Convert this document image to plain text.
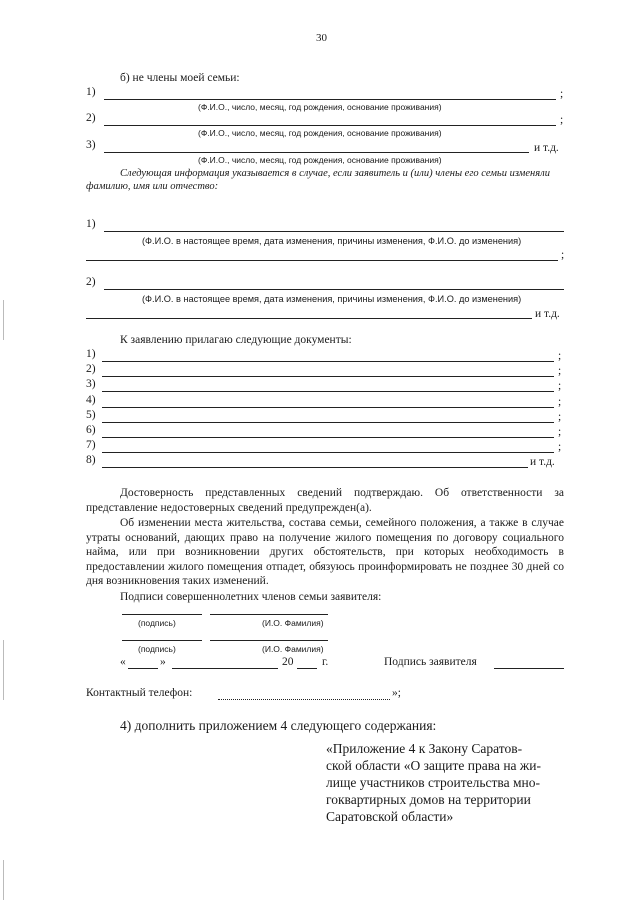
30
б) не члены моей семьи:
1)	;
(Ф.И.О., число, месяц, год рождения, основание проживания)
2)	;
(Ф.И.О., число, месяц, год рождения, основание проживания)
3)	и т.д.
(Ф.И.О., число, месяц, год рождения, основание проживания)
Следующая информация указывается в случае, если заявитель и (или) члены его семьи изменяли фамилию, имя или отчество:
1)
(Ф.И.О. в настоящее время, дата изменения, причины изменения, Ф.И.О. до изменения)
;
2)
(Ф.И.О. в настоящее время, дата изменения, причины изменения, Ф.И.О. до изменения)
и т.д.
К заявлению прилагаю следующие документы:
1)	;
2)	;
3)	;
4)	;
5)	;
6)	;
7)	;
8)	и т.д.
Достоверность представленных сведений подтверждаю. Об ответственности за представление недостоверных сведений предупрежден(а).
Об изменении места жительства, состава семьи, семейного положения, а также в случае утраты оснований, дающих право на получение жилого помещения по договору социального найма, или при возникновении других обстоятельств, при которых необходимость в предоставлении жилого помещения отпадет, обязуюсь проинформировать не позднее 30 дней со дня возникновения таких изменений.
Подписи совершеннолетних членов семьи заявителя:
(подпись)	(И.О. Фамилия)
(подпись)	(И.О. Фамилия)
«	»	20 г.	Подпись заявителя
Контактный телефон:	»;
4) дополнить приложением 4 следующего содержания:
«Приложение 4 к Закону Саратов-
ской области «О защите права на жи-
лище участников строительства мно-
гоквартирных домов на территории
Саратовской области»
